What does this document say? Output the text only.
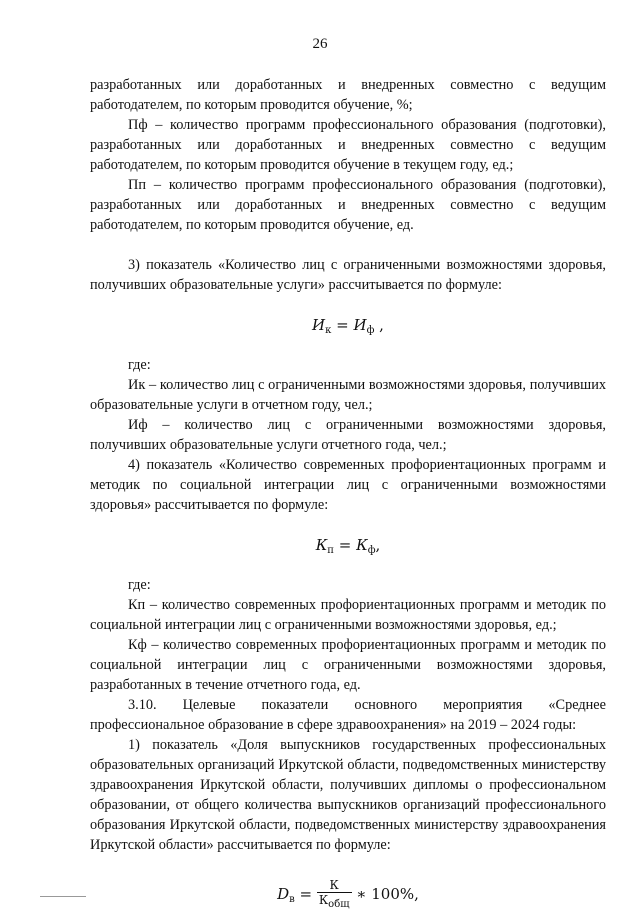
26

разработанных или доработанных и внедренных совместно с ведущим работодателем, по которым проводится обучение, %;

Пф – количество программ профессионального образования (подготовки), разработанных или доработанных и внедренных совместно с ведущим работодателем, по которым проводится обучение в текущем году, ед.;

Пп – количество программ профессионального образования (подготовки), разработанных или доработанных и внедренных совместно с ведущим работодателем, по которым проводится обучение, ед.

3) показатель «Количество лиц с ограниченными возможностями здоровья, получивших образовательные услуги» рассчитывается по формуле:

$И_к = И_ф$ ,

где:

Ик – количество лиц с ограниченными возможностями здоровья, получивших образовательные услуги в отчетном году, чел.;

Иф – количество лиц с ограниченными возможностями здоровья, получивших образовательные услуги отчетного года, чел.;

4) показатель «Количество современных профориентационных программ и методик по социальной интеграции лиц с ограниченными возможностями здоровья» рассчитывается по формуле:

$К_п = К_ф$,

где:

Кп – количество современных профориентационных программ и методик по социальной интеграции лиц с ограниченными возможностями здоровья, ед.;

Кф – количество современных профориентационных программ и методик по социальной интеграции лиц с ограниченными возможностями здоровья, разработанных в течение отчетного года, ед.

3.10. Целевые показатели основного мероприятия «Среднее профессиональное образование в сфере здравоохранения» на 2019 – 2024 годы:

1) показатель «Доля выпускников государственных профессиональных образовательных организаций Иркутской области, подведомственных министерству здравоохранения Иркутской области, получивших дипломы о профессиональном образовании, от общего количества выпускников организаций профессионального образования Иркутской области, подведомственных министерству здравоохранения Иркутской области» рассчитывается по формуле:

$D_в = \frac{К}{К_{общ}}$ ∗ 100%,
